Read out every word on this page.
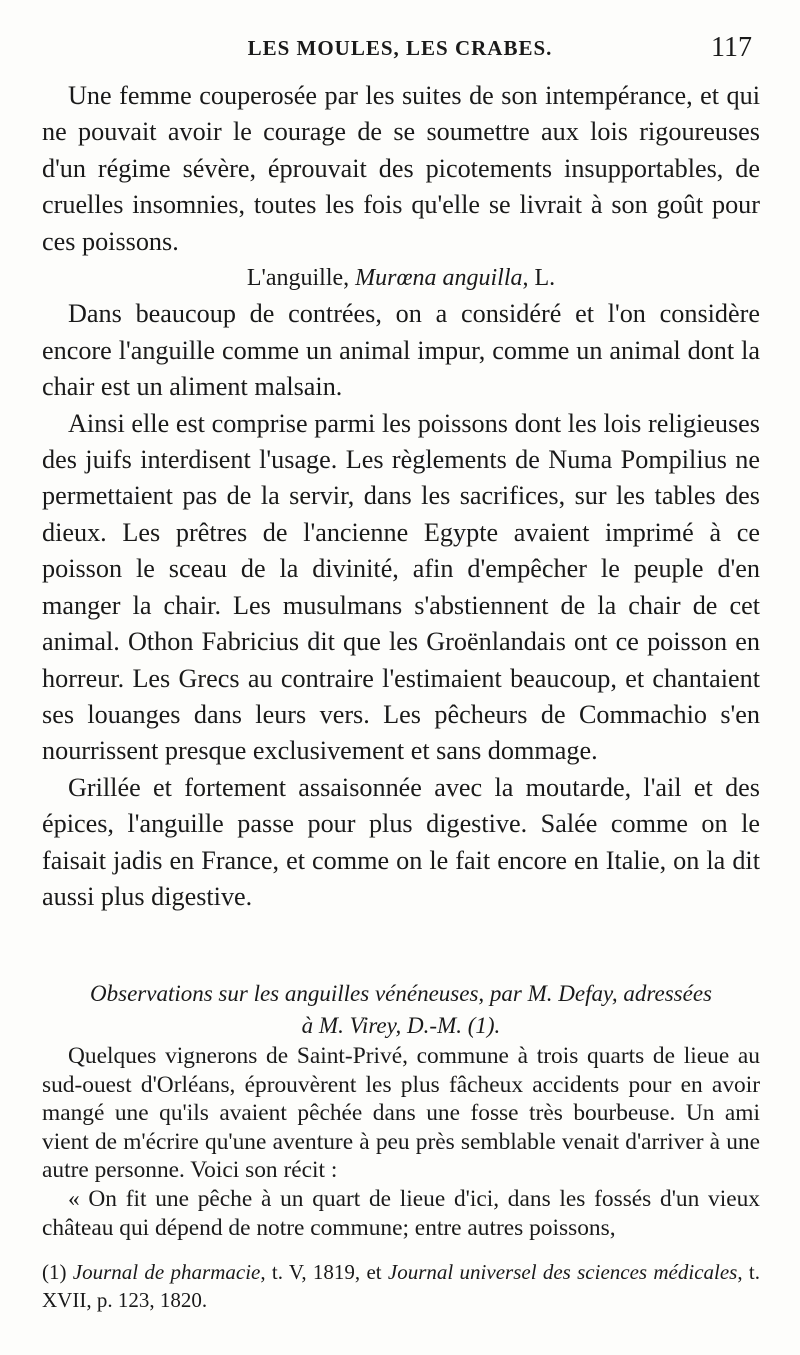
LES MOULES, LES CRABES.	117

Une femme couperosée par les suites de son intempérance, et qui ne pouvait avoir le courage de se soumettre aux lois rigoureuses d'un régime sévère, éprouvait des picotements insupportables, de cruelles insomnies, toutes les fois qu'elle se livrait à son goût pour ces poissons.

L'anguille, Murœna anguilla, L.

Dans beaucoup de contrées, on a considéré et l'on considère encore l'anguille comme un animal impur, comme un animal dont la chair est un aliment malsain.

Ainsi elle est comprise parmi les poissons dont les lois religieuses des juifs interdisent l'usage. Les règlements de Numa Pompilius ne permettaient pas de la servir, dans les sacrifices, sur les tables des dieux. Les prêtres de l'ancienne Egypte avaient imprimé à ce poisson le sceau de la divinité, afin d'empêcher le peuple d'en manger la chair. Les musulmans s'abstiennent de la chair de cet animal. Othon Fabricius dit que les Groënlandais ont ce poisson en horreur. Les Grecs au contraire l'estimaient beaucoup, et chantaient ses louanges dans leurs vers. Les pêcheurs de Commachio s'en nourrissent presque exclusivement et sans dommage.

Grillée et fortement assaisonnée avec la moutarde, l'ail et des épices, l'anguille passe pour plus digestive. Salée comme on le faisait jadis en France, et comme on le fait encore en Italie, on la dit aussi plus digestive.

Observations sur les anguilles vénéneuses, par M. Defay, adressées
à M. Virey, D.-M. (1).

Quelques vignerons de Saint-Privé, commune à trois quarts de lieue au sud-ouest d'Orléans, éprouvèrent les plus fâcheux accidents pour en avoir mangé une qu'ils avaient pêchée dans une fosse très bourbeuse. Un ami vient de m'écrire qu'une aventure à peu près semblable venait d'arriver à une autre personne. Voici son récit :

« On fit une pêche à un quart de lieue d'ici, dans les fossés d'un vieux château qui dépend de notre commune; entre autres poissons,

(1) Journal de pharmacie, t. V, 1819, et Journal universel des sciences médicales, t. XVII, p. 123, 1820.
